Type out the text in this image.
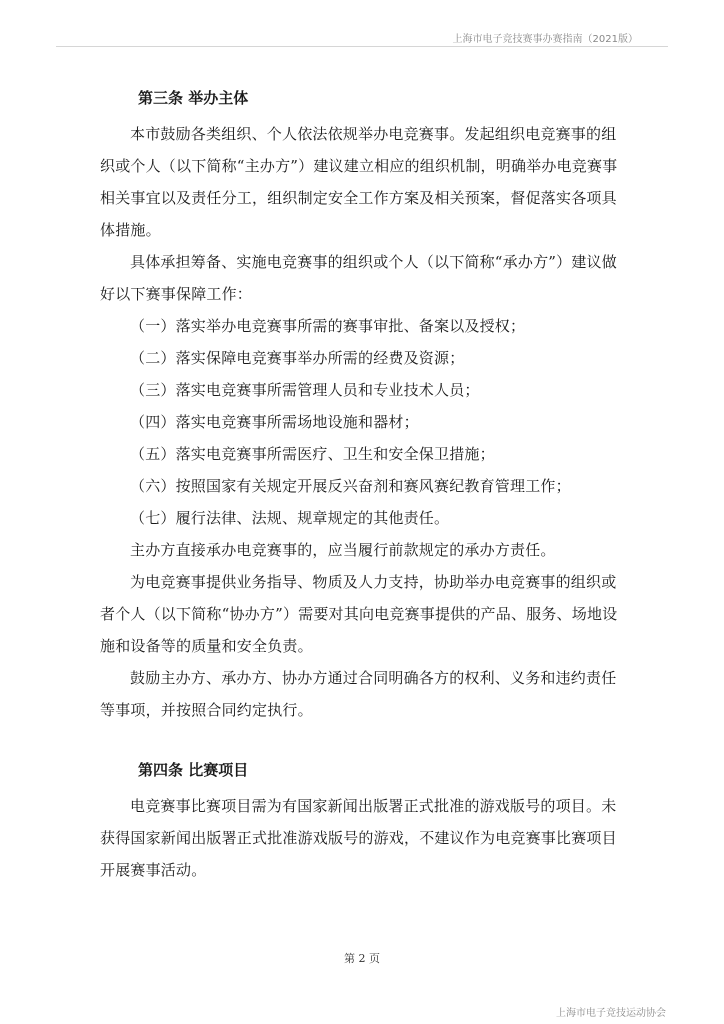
上海市电子竞技赛事办赛指南（2021版）
第三条 举办主体

本市鼓励各类组织、个人依法依规举办电竞赛事。发起组织电竞赛事的组织或个人（以下简称“主办方”）建议建立相应的组织机制，明确举办电竞赛事相关事宜以及责任分工，组织制定安全工作方案及相关预案，督促落实各项具体措施。

具体承担筹备、实施电竞赛事的组织或个人（以下简称“承办方”）建议做好以下赛事保障工作：

（一）落实举办电竞赛事所需的赛事审批、备案以及授权；

（二）落实保障电竞赛事举办所需的经费及资源；

（三）落实电竞赛事所需管理人员和专业技术人员；

（四）落实电竞赛事所需场地设施和器材；

（五）落实电竞赛事所需医疗、卫生和安全保卫措施；

（六）按照国家有关规定开展反兴奋剂和赛风赛纪教育管理工作；

（七）履行法律、法规、规章规定的其他责任。

主办方直接承办电竞赛事的，应当履行前款规定的承办方责任。

为电竞赛事提供业务指导、物质及人力支持，协助举办电竞赛事的组织或者个人（以下简称“协办方”）需要对其向电竞赛事提供的产品、服务、场地设施和设备等的质量和安全负责。

鼓励主办方、承办方、协办方通过合同明确各方的权利、义务和违约责任等事项，并按照合同约定执行。

第四条 比赛项目

电竞赛事比赛项目需为有国家新闻出版署正式批准的游戏版号的项目。未获得国家新闻出版署正式批准游戏版号的游戏，不建议作为电竞赛事比赛项目开展赛事活动。

第 2 页
上海市电子竞技运动协会
